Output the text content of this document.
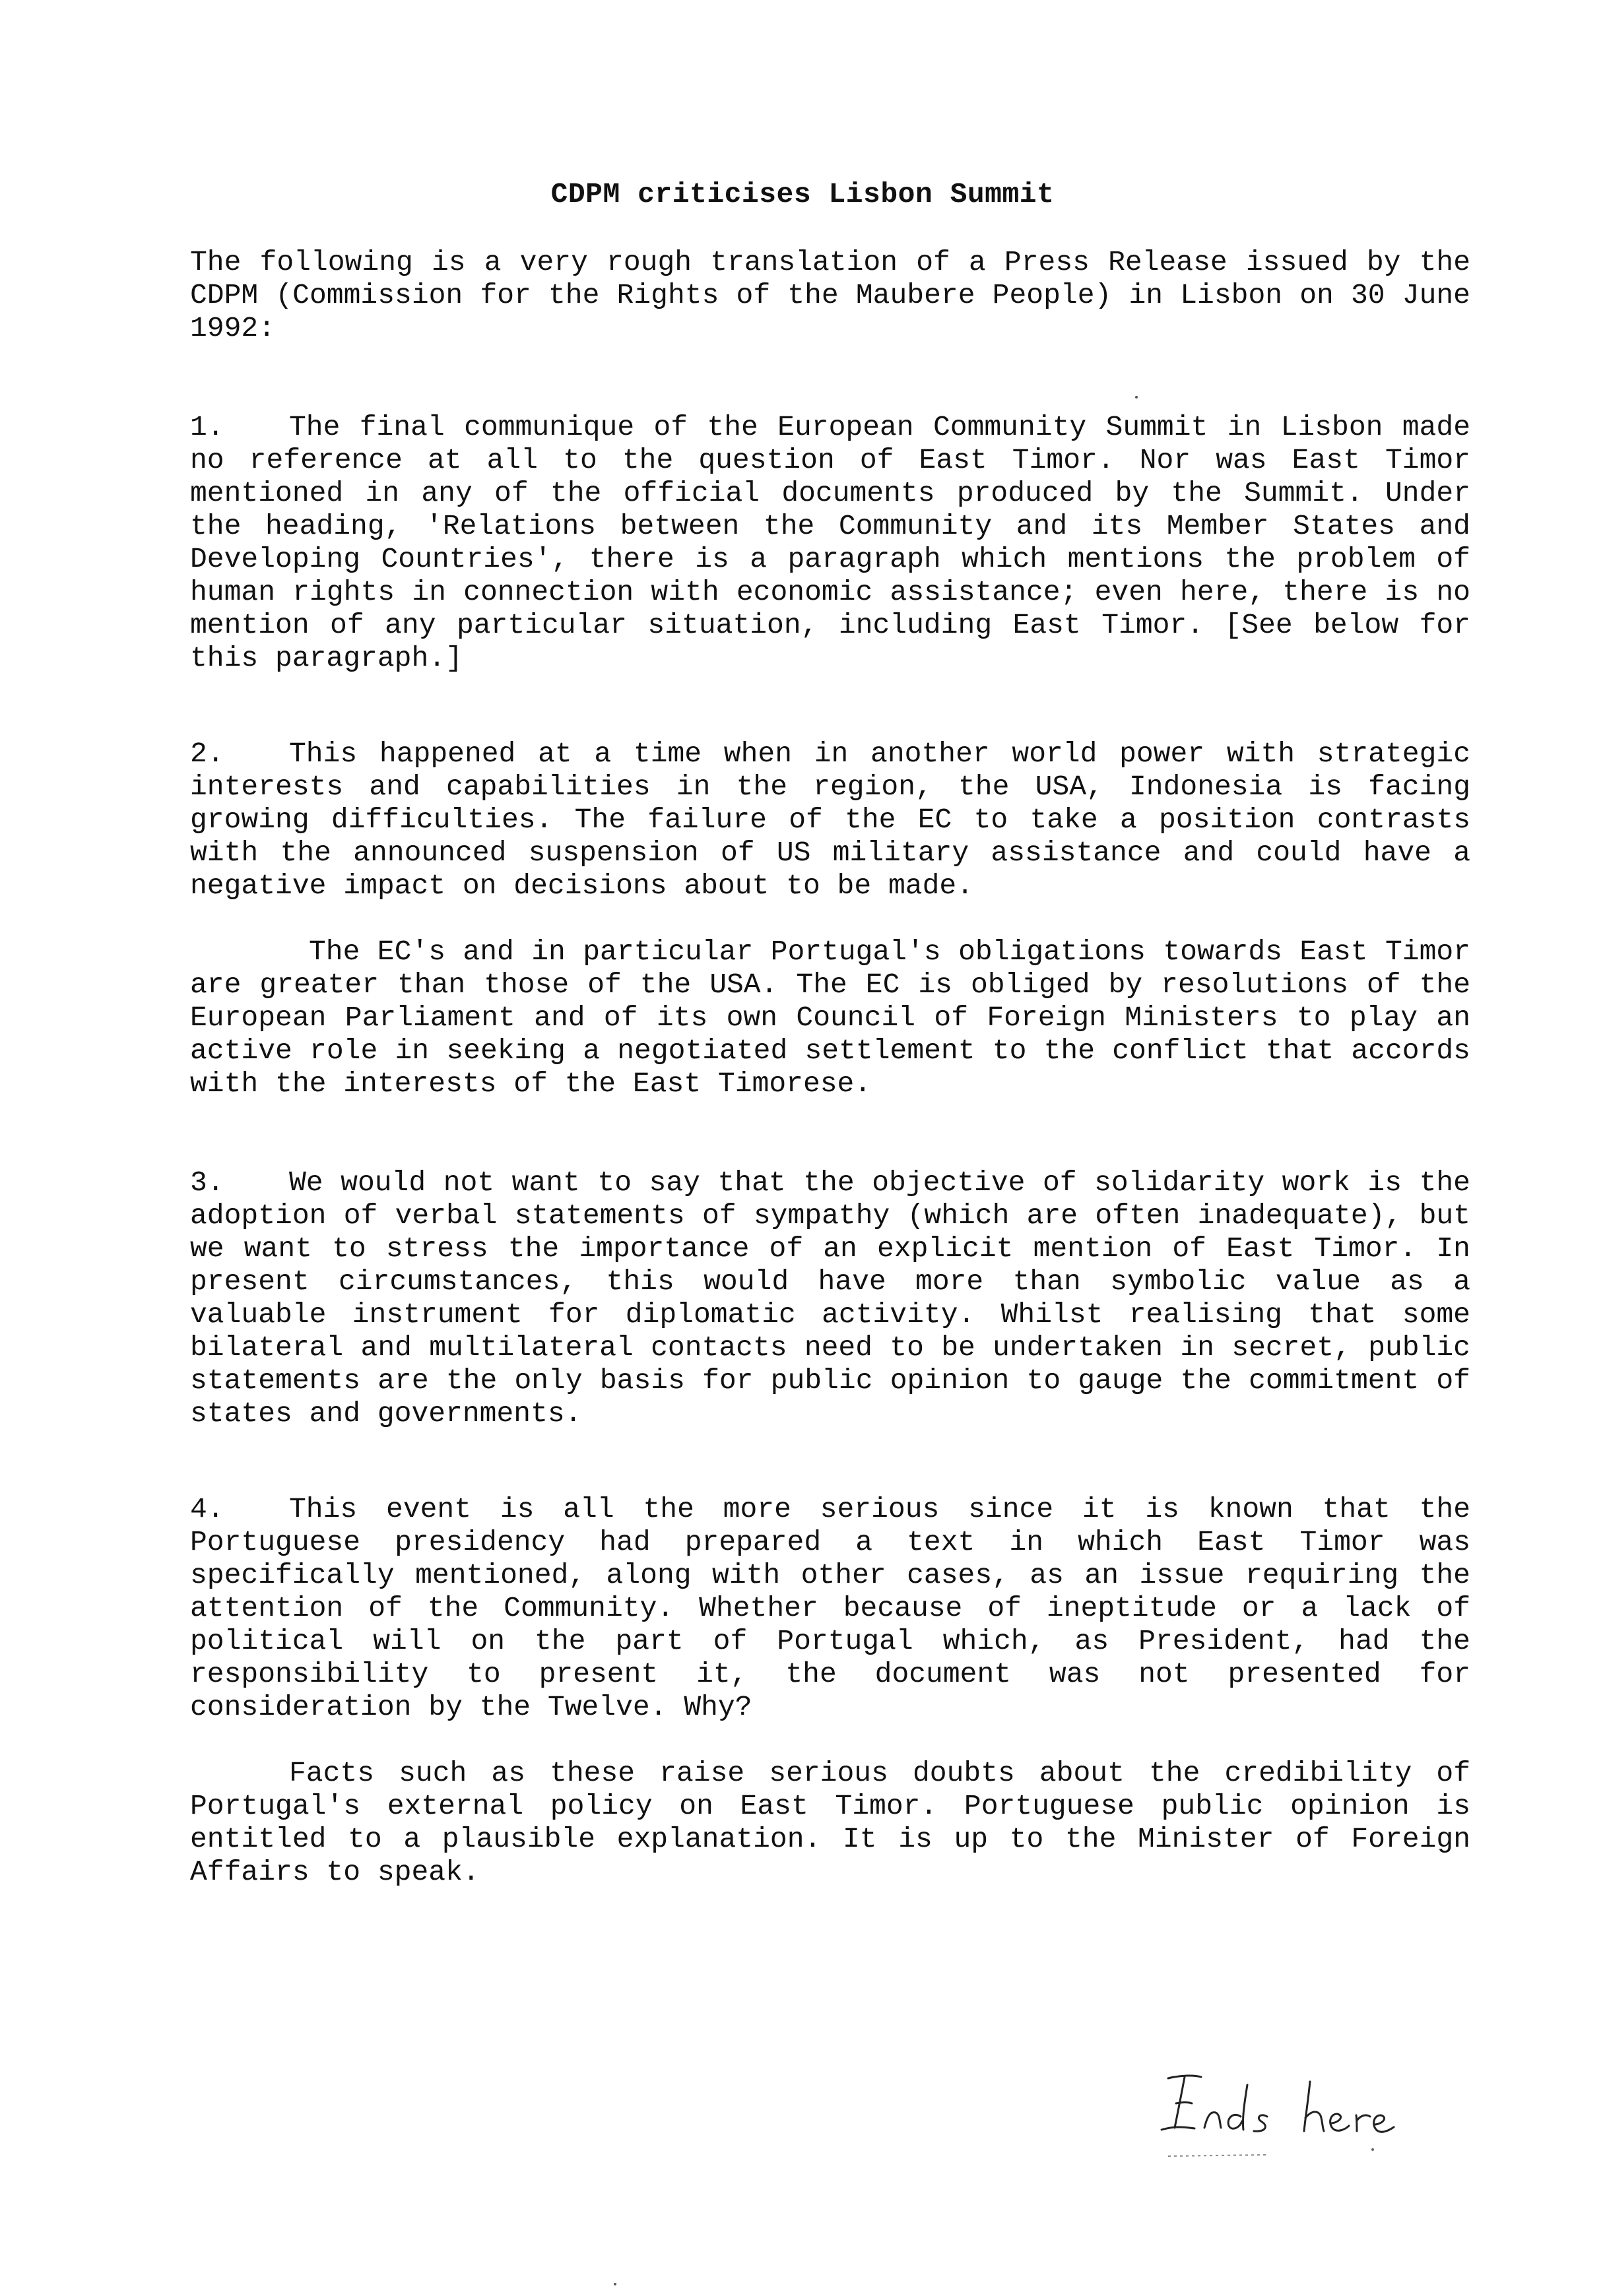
CDPM criticises Lisbon Summit
The following is a very rough translation of a Press Release issued by the CDPM (Commission for the Rights of the Maubere People) in Lisbon on 30 June 1992:
1. The final communique of the European Community Summit in Lisbon made no reference at all to the question of East Timor. Nor was East Timor mentioned in any of the official documents produced by the Summit. Under the heading, 'Relations between the Community and its Member States and Developing Countries', there is a paragraph which mentions the problem of human rights in connection with economic assistance; even here, there is no mention of any particular situation, including East Timor. [See below for this paragraph.]
2. This happened at a time when in another world power with strategic interests and capabilities in the region, the USA, Indonesia is facing growing difficulties. The failure of the EC to take a position contrasts with the announced suspension of US military assistance and could have a negative impact on decisions about to be made.
The EC's and in particular Portugal's obligations towards East Timor are greater than those of the USA. The EC is obliged by resolutions of the European Parliament and of its own Council of Foreign Ministers to play an active role in seeking a negotiated settlement to the conflict that accords with the interests of the East Timorese.
3. We would not want to say that the objective of solidarity work is the adoption of verbal statements of sympathy (which are often inadequate), but we want to stress the importance of an explicit mention of East Timor. In present circumstances, this would have more than symbolic value as a valuable instrument for diplomatic activity. Whilst realising that some bilateral and multilateral contacts need to be undertaken in secret, public statements are the only basis for public opinion to gauge the commitment of states and governments.
4. This event is all the more serious since it is known that the Portuguese presidency had prepared a text in which East Timor was specifically mentioned, along with other cases, as an issue requiring the attention of the Community. Whether because of ineptitude or a lack of political will on the part of Portugal which, as President, had the responsibility to present it, the document was not presented for consideration by the Twelve. Why?
Facts such as these raise serious doubts about the credibility of Portugal's external policy on East Timor. Portuguese public opinion is entitled to a plausible explanation. It is up to the Minister of Foreign Affairs to speak.
